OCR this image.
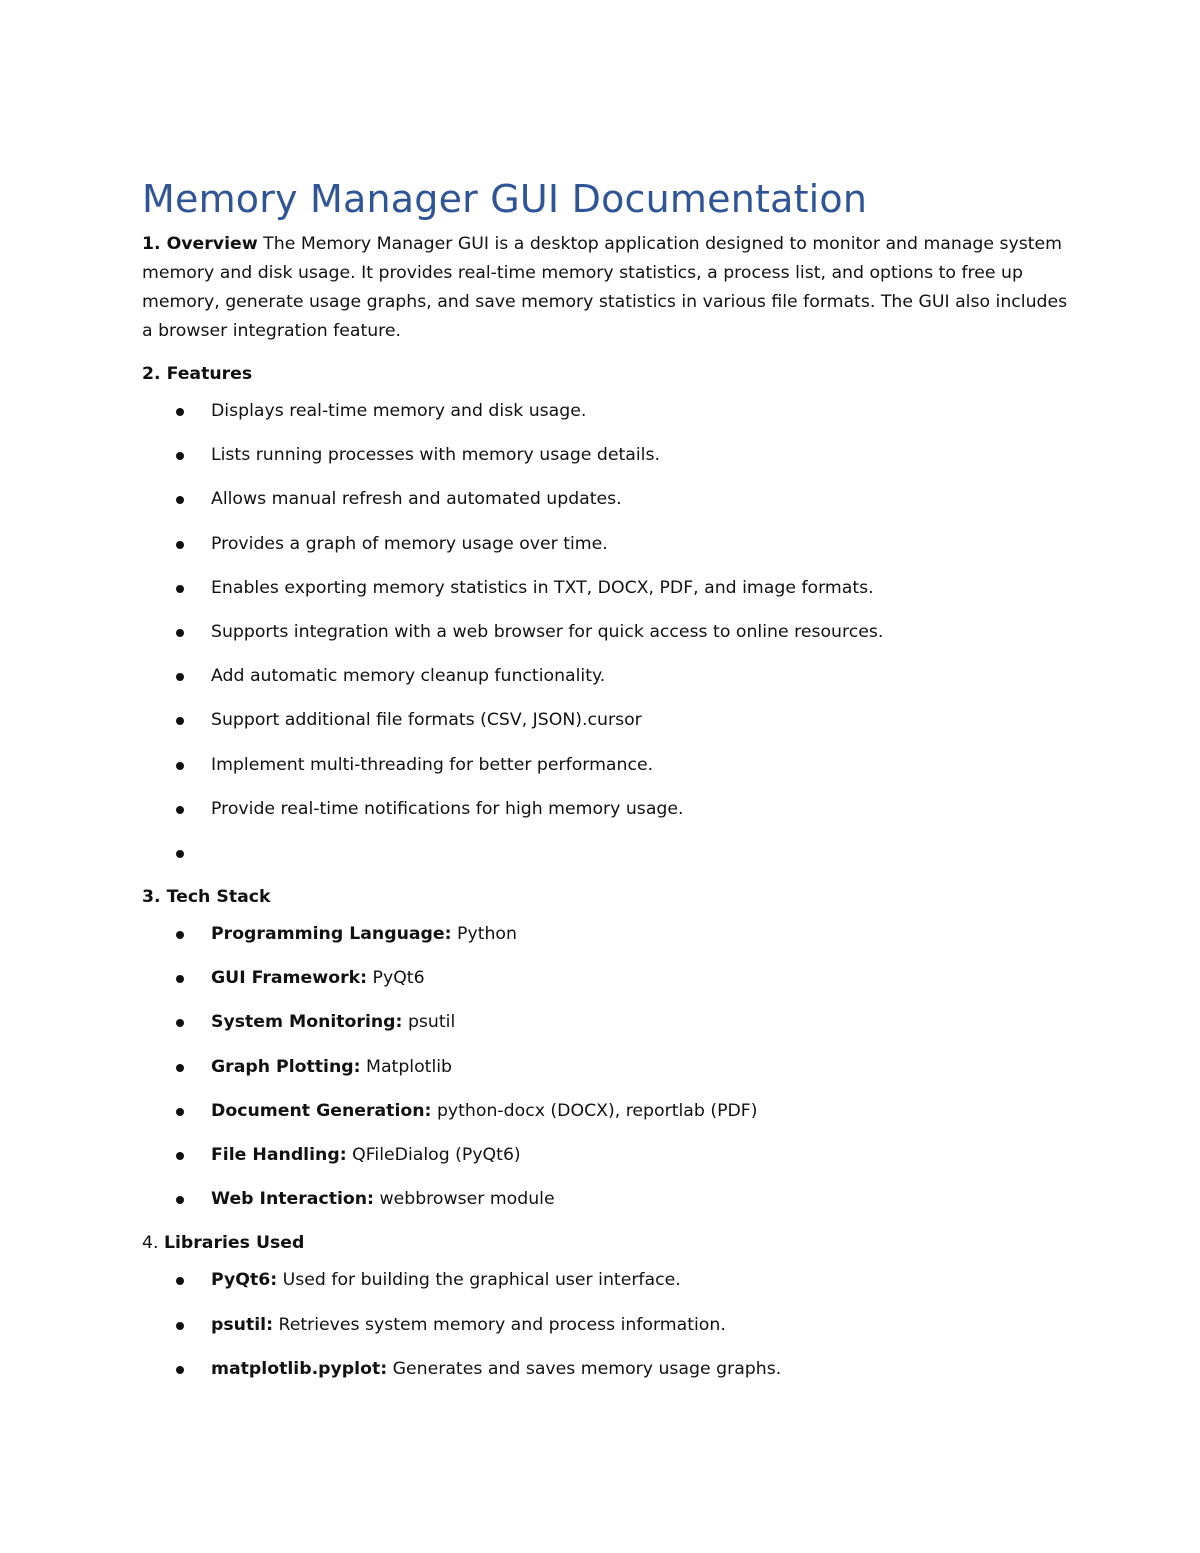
Memory Manager GUI Documentation

1. Overview The Memory Manager GUI is a desktop application designed to monitor and manage system memory and disk usage. It provides real-time memory statistics, a process list, and options to free up memory, generate usage graphs, and save memory statistics in various file formats. The GUI also includes a browser integration feature.

2. Features
Displays real-time memory and disk usage.
Lists running processes with memory usage details.
Allows manual refresh and automated updates.
Provides a graph of memory usage over time.
Enables exporting memory statistics in TXT, DOCX, PDF, and image formats.
Supports integration with a web browser for quick access to online resources.
Add automatic memory cleanup functionality.
Support additional file formats (CSV, JSON).cursor
Implement multi-threading for better performance.
Provide real-time notifications for high memory usage.
3. Tech Stack
Programming Language: Python
GUI Framework: PyQt6
System Monitoring: psutil
Graph Plotting: Matplotlib
Document Generation: python-docx (DOCX), reportlab (PDF)
File Handling: QFileDialog (PyQt6)
Web Interaction: webbrowser module
4. Libraries Used
PyQt6: Used for building the graphical user interface.
psutil: Retrieves system memory and process information.
matplotlib.pyplot: Generates and saves memory usage graphs.
